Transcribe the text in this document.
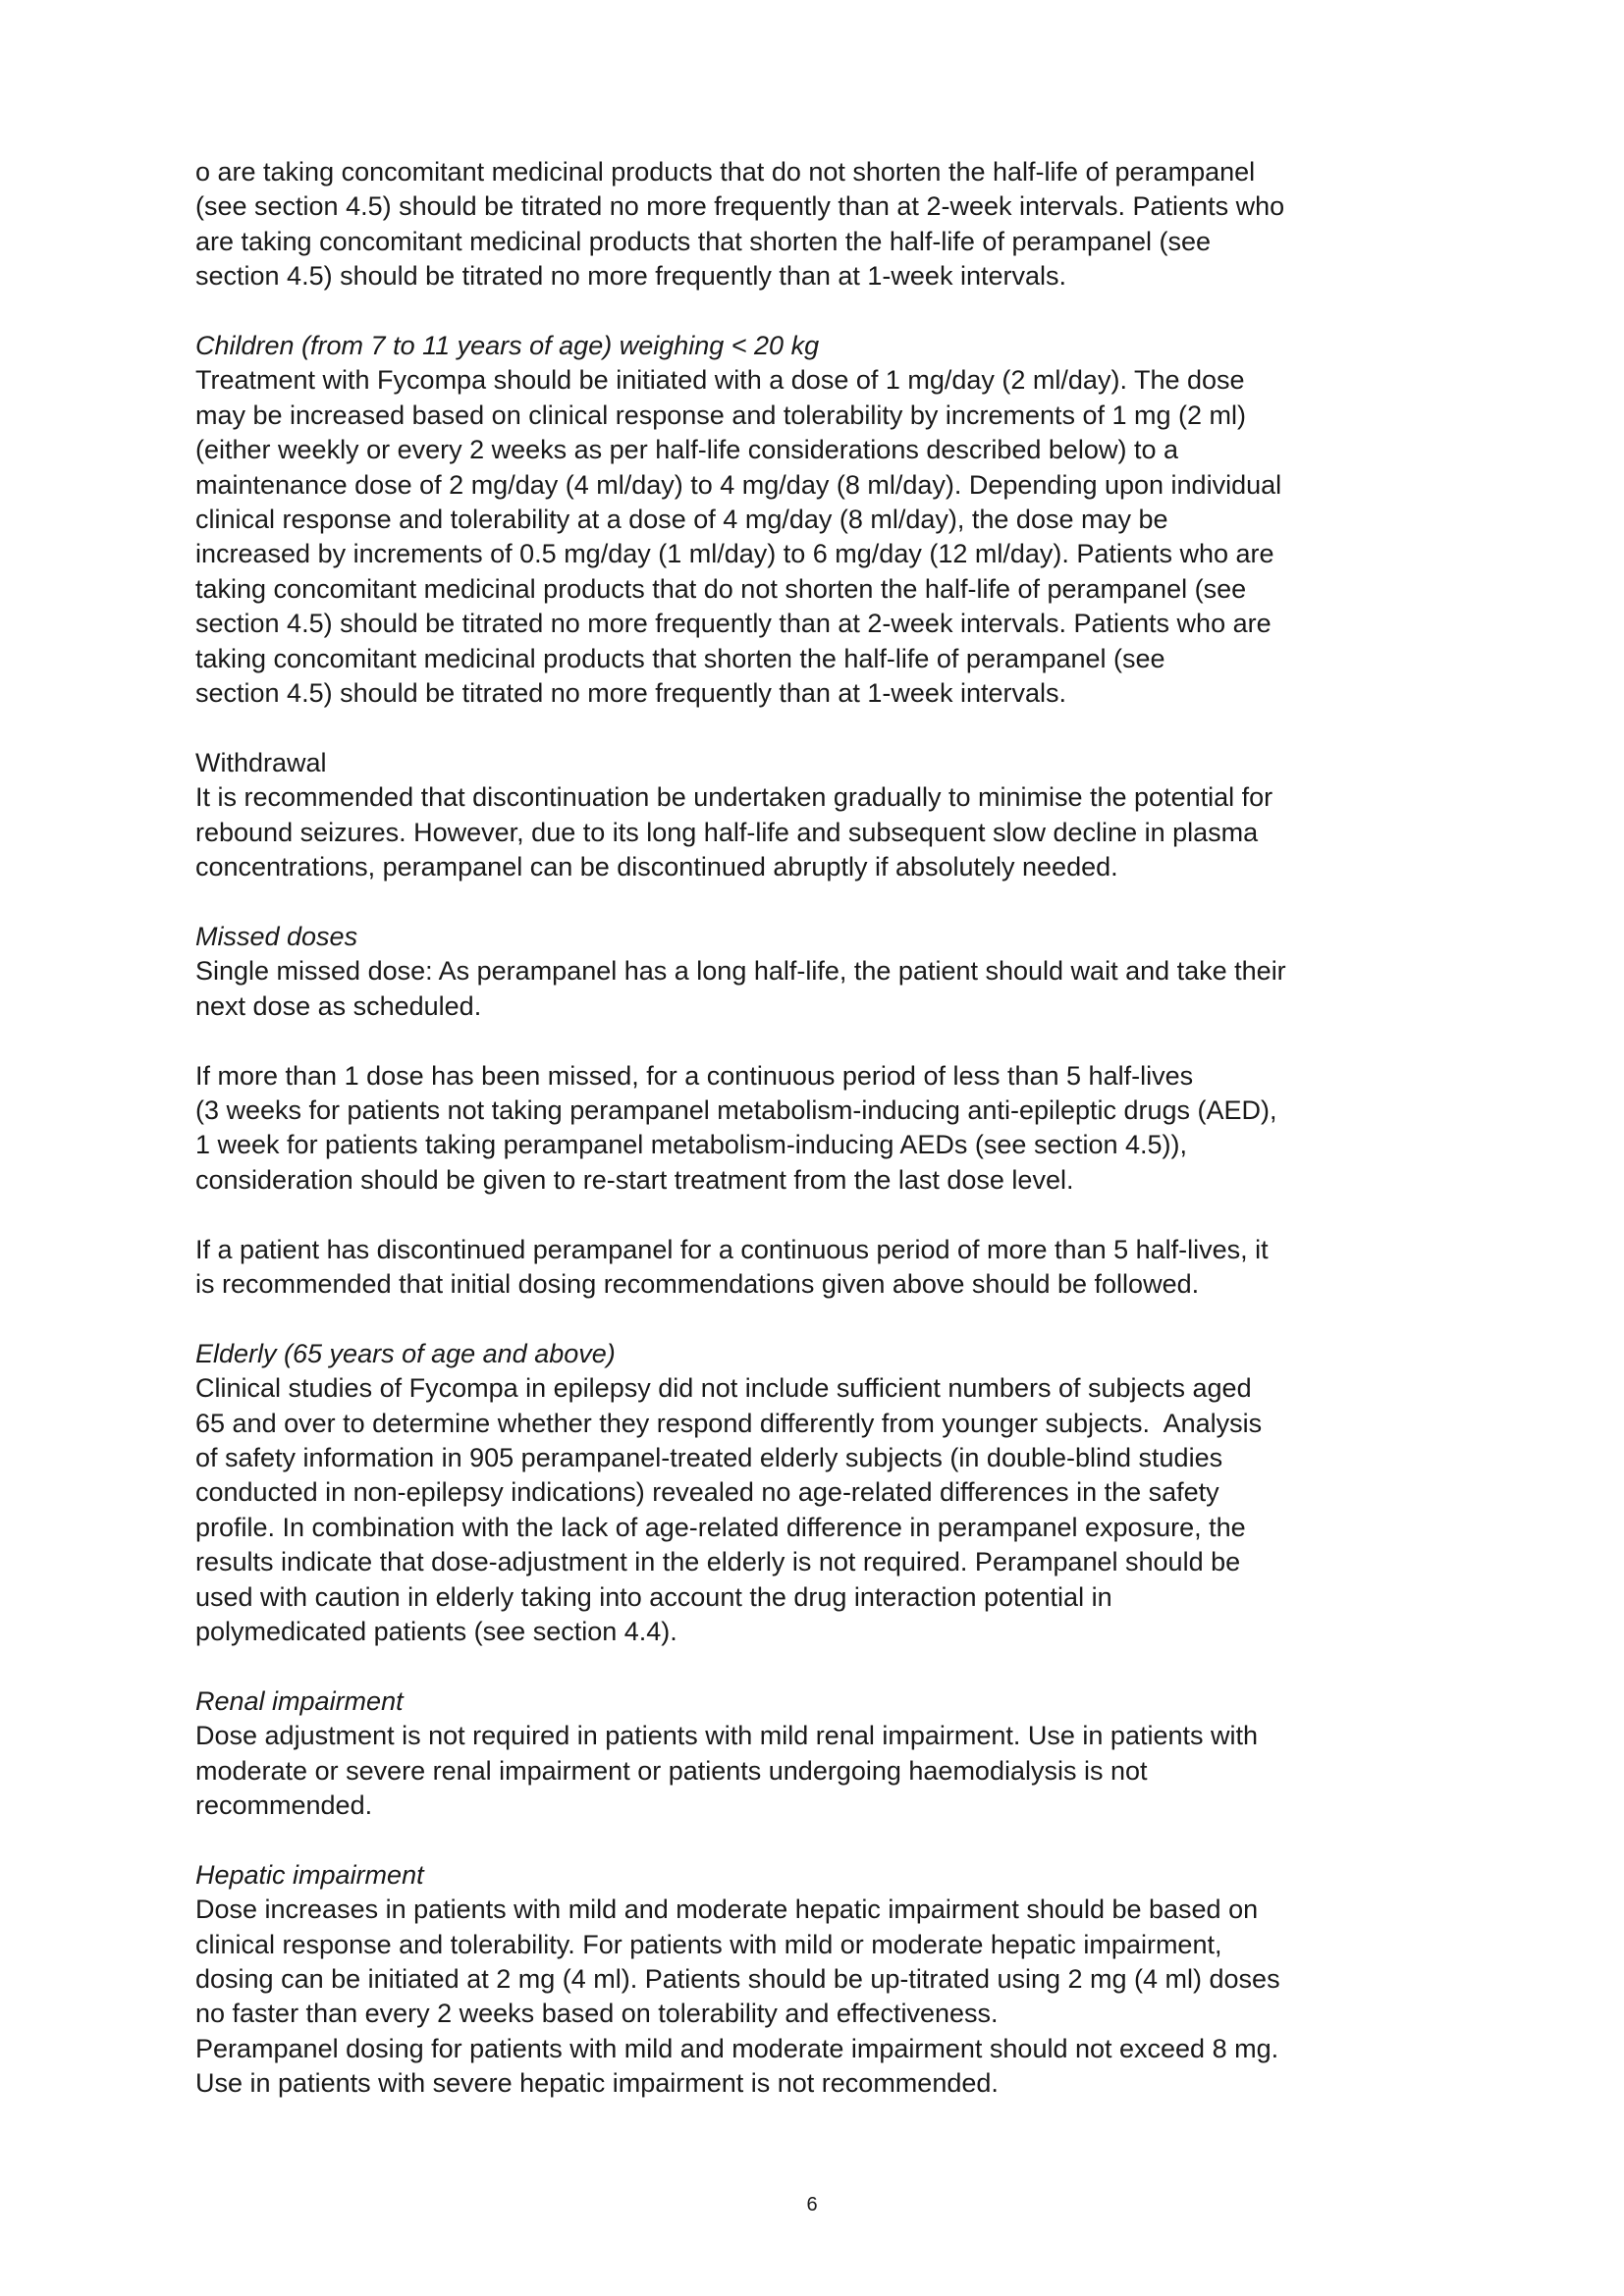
o are taking concomitant medicinal products that do not shorten the half-life of perampanel
(see section 4.5) should be titrated no more frequently than at 2-week intervals. Patients who
are taking concomitant medicinal products that shorten the half-life of perampanel (see
section 4.5) should be titrated no more frequently than at 1-week intervals.
Children (from 7 to 11 years of age) weighing < 20 kg
Treatment with Fycompa should be initiated with a dose of 1 mg/day (2 ml/day). The dose
may be increased based on clinical response and tolerability by increments of 1 mg (2 ml)
(either weekly or every 2 weeks as per half-life considerations described below) to a
maintenance dose of 2 mg/day (4 ml/day) to 4 mg/day (8 ml/day). Depending upon individual
clinical response and tolerability at a dose of 4 mg/day (8 ml/day), the dose may be
increased by increments of 0.5 mg/day (1 ml/day) to 6 mg/day (12 ml/day). Patients who are
taking concomitant medicinal products that do not shorten the half-life of perampanel (see
section 4.5) should be titrated no more frequently than at 2-week intervals. Patients who are
taking concomitant medicinal products that shorten the half-life of perampanel (see
section 4.5) should be titrated no more frequently than at 1-week intervals.
Withdrawal
It is recommended that discontinuation be undertaken gradually to minimise the potential for
rebound seizures. However, due to its long half-life and subsequent slow decline in plasma
concentrations, perampanel can be discontinued abruptly if absolutely needed.
Missed doses
Single missed dose: As perampanel has a long half-life, the patient should wait and take their
next dose as scheduled.
If more than 1 dose has been missed, for a continuous period of less than 5 half-lives
(3 weeks for patients not taking perampanel metabolism-inducing anti-epileptic drugs (AED),
1 week for patients taking perampanel metabolism-inducing AEDs (see section 4.5)),
consideration should be given to re-start treatment from the last dose level.
If a patient has discontinued perampanel for a continuous period of more than 5 half-lives, it
is recommended that initial dosing recommendations given above should be followed.
Elderly (65 years of age and above)
Clinical studies of Fycompa in epilepsy did not include sufficient numbers of subjects aged
65 and over to determine whether they respond differently from younger subjects.  Analysis
of safety information in 905 perampanel-treated elderly subjects (in double-blind studies
conducted in non-epilepsy indications) revealed no age-related differences in the safety
profile. In combination with the lack of age-related difference in perampanel exposure, the
results indicate that dose-adjustment in the elderly is not required. Perampanel should be
used with caution in elderly taking into account the drug interaction potential in
polymedicated patients (see section 4.4).
Renal impairment
Dose adjustment is not required in patients with mild renal impairment. Use in patients with
moderate or severe renal impairment or patients undergoing haemodialysis is not
recommended.
Hepatic impairment
Dose increases in patients with mild and moderate hepatic impairment should be based on
clinical response and tolerability. For patients with mild or moderate hepatic impairment,
dosing can be initiated at 2 mg (4 ml). Patients should be up-titrated using 2 mg (4 ml) doses
no faster than every 2 weeks based on tolerability and effectiveness.
Perampanel dosing for patients with mild and moderate impairment should not exceed 8 mg.
Use in patients with severe hepatic impairment is not recommended.
6
